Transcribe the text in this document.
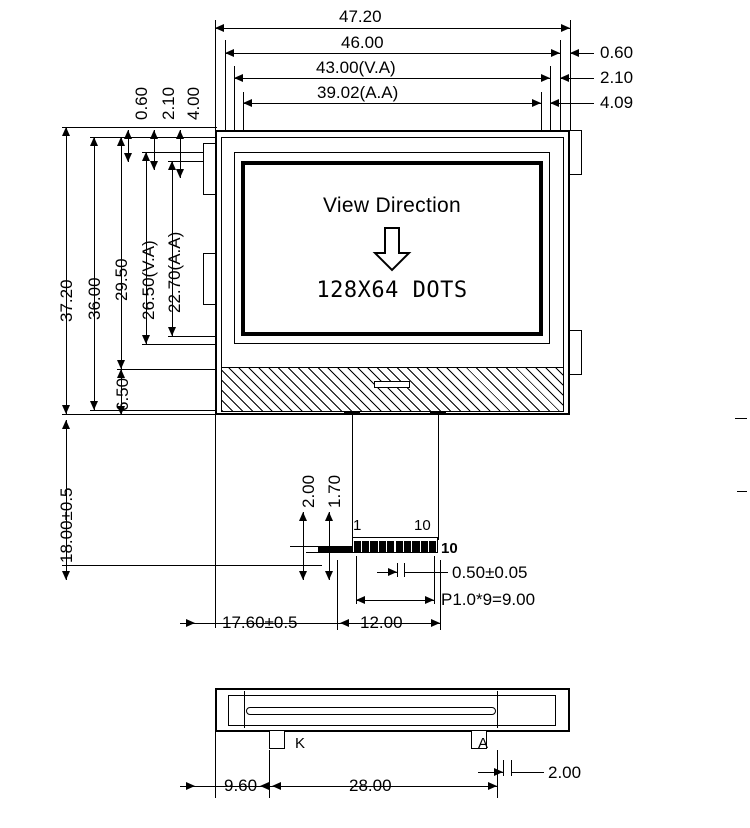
47.20
46.00
43.00(V.A)
39.02(A.A)
0.60
2.10
4.09
0.60 2.10 4.00
37.20 36.00 29.50 26.50(V.A) 22.70(A.A)
6.50
18.00±0.5
View Direction
128X64 DOTS
1	10
10
2.00 1.70
0.50±0.05
P1.0*9=9.00
17.60±0.5	12.00
K	A
9.60	28.00
2.00
